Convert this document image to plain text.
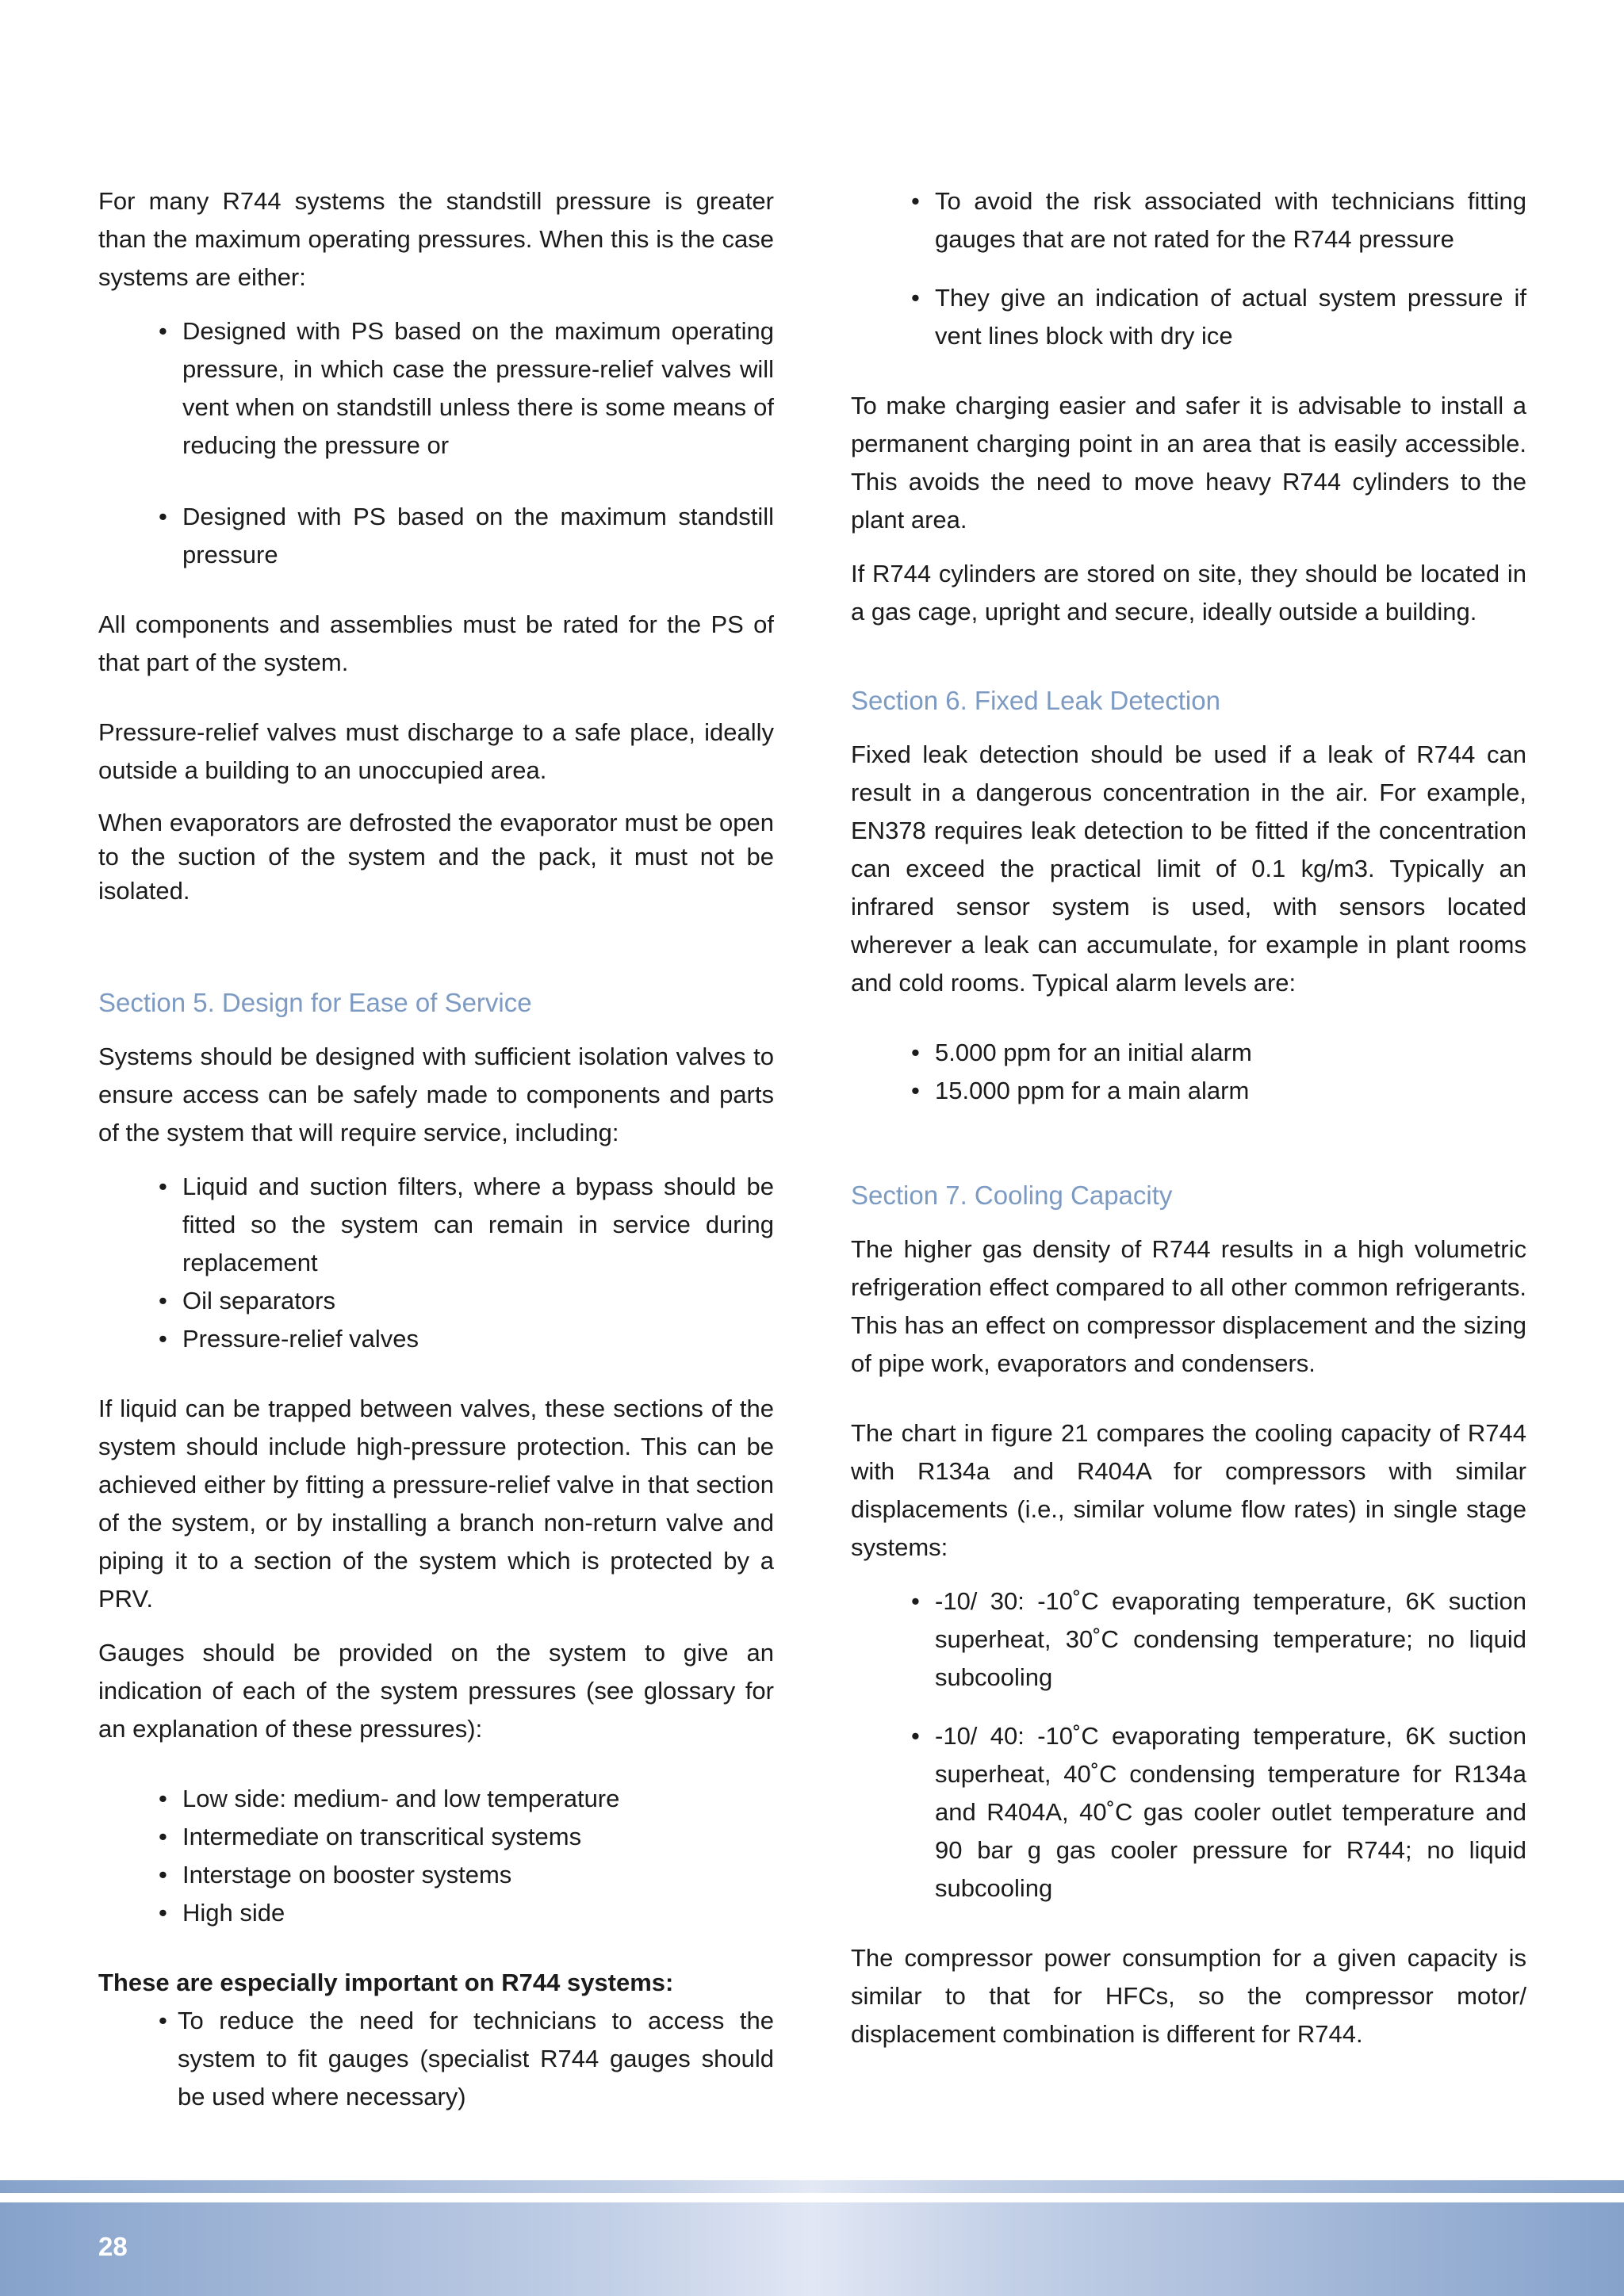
For many R744 systems the standstill pressure is greater than the maximum operating pressures. When this is the case systems are either:

• Designed with PS based on the maximum operating pressure, in which case the pressure-relief valves will vent when on standstill unless there is some means of reducing the pressure or
• Designed with PS based on the maximum standstill pressure

All components and assemblies must be rated for the PS of that part of the system.

Pressure-relief valves must discharge to a safe place, ideally outside a building to an unoccupied area.

When evaporators are defrosted the evaporator must be open to the suction of the system and the pack, it must not be isolated.

Section 5. Design for Ease of Service

Systems should be designed with sufficient isolation valves to ensure access can be safely made to components and parts of the system that will require service, including:

• Liquid and suction filters, where a bypass should be fitted so the system can remain in service during replacement
• Oil separators
• Pressure-relief valves

If liquid can be trapped between valves, these sections of the system should include high-pressure protection. This can be achieved either by fitting a pressure-relief valve in that section of the system, or by installing a branch non-return valve and piping it to a section of the system which is protected by a PRV.

Gauges should be provided on the system to give an indication of each of the system pressures (see glossary for an explanation of these pressures):

• Low side: medium- and low temperature
• Intermediate on transcritical systems
• Interstage on booster systems
• High side

These are especially important on R744 systems:

• To reduce the need for technicians to access the system to fit gauges (specialist R744 gauges should be used where necessary)
• To avoid the risk associated with technicians fitting gauges that are not rated for the R744 pressure
• They give an indication of actual system pressure if vent lines block with dry ice

To make charging easier and safer it is advisable to install a permanent charging point in an area that is easily accessible. This avoids the need to move heavy R744 cylinders to the plant area.

If R744 cylinders are stored on site, they should be located in a gas cage, upright and secure, ideally outside a building.

Section 6. Fixed Leak Detection

Fixed leak detection should be used if a leak of R744 can result in a dangerous concentration in the air. For example, EN378 requires leak detection to be fitted if the concentration can exceed the practical limit of 0.1 kg/m3. Typically an infrared sensor system is used, with sensors located wherever a leak can accumulate, for example in plant rooms and cold rooms. Typical alarm levels are:

• 5.000 ppm for an initial alarm
• 15.000 ppm for a main alarm
Section 7. Cooling Capacity

The higher gas density of R744 results in a high volumetric refrigeration effect compared to all other common refrigerants. This has an effect on compressor displacement and the sizing of pipe work, evaporators and condensers.

The chart in figure 21 compares the cooling capacity of R744 with R134a and R404A for compressors with similar displacements (i.e., similar volume flow rates) in single stage systems:

• -10/ 30: -10˚C evaporating temperature, 6K suction superheat, 30˚C condensing temperature; no liquid subcooling
• -10/ 40: -10˚C evaporating temperature, 6K suction superheat, 40˚C condensing temperature for R134a and R404A, 40˚C gas cooler outlet temperature and 90 bar g gas cooler pressure for R744; no liquid subcooling

The compressor power consumption for a given capacity is similar to that for HFCs, so the compressor motor/ displacement combination is different for R744.

28
